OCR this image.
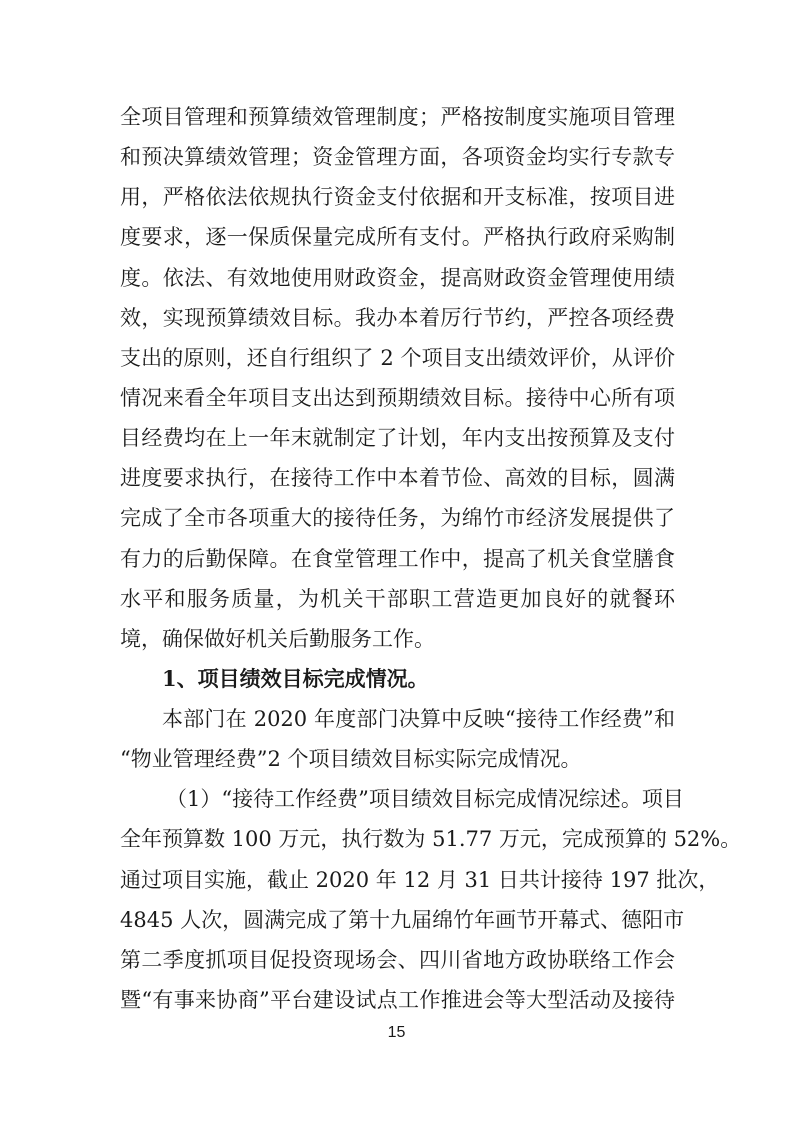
全项目管理和预算绩效管理制度；严格按制度实施项目管理
和预决算绩效管理；资金管理方面，各项资金均实行专款专
用，严格依法依规执行资金支付依据和开支标准，按项目进
度要求，逐一保质保量完成所有支付。严格执行政府采购制
度。依法、有效地使用财政资金，提高财政资金管理使用绩
效，实现预算绩效目标。我办本着厉行节约，严控各项经费
支出的原则，还自行组织了 2 个项目支出绩效评价，从评价
情况来看全年项目支出达到预期绩效目标。接待中心所有项
目经费均在上一年末就制定了计划，年内支出按预算及支付
进度要求执行，在接待工作中本着节俭、高效的目标，圆满
完成了全市各项重大的接待任务，为绵竹市经济发展提供了
有力的后勤保障。在食堂管理工作中，提高了机关食堂膳食
水平和服务质量，为机关干部职工营造更加良好的就餐环
境，确保做好机关后勤服务工作。
1、项目绩效目标完成情况。
本部门在 2020 年度部门决算中反映“接待工作经费”和
“物业管理经费”2 个项目绩效目标实际完成情况。
（1）“接待工作经费”项目绩效目标完成情况综述。项目
全年预算数 100 万元，执行数为 51.77 万元，完成预算的 52%。
通过项目实施，截止 2020 年 12 月 31 日共计接待 197 批次，
4845 人次，圆满完成了第十九届绵竹年画节开幕式、德阳市
第二季度抓项目促投资现场会、四川省地方政协联络工作会
暨“有事来协商”平台建设试点工作推进会等大型活动及接待
15
